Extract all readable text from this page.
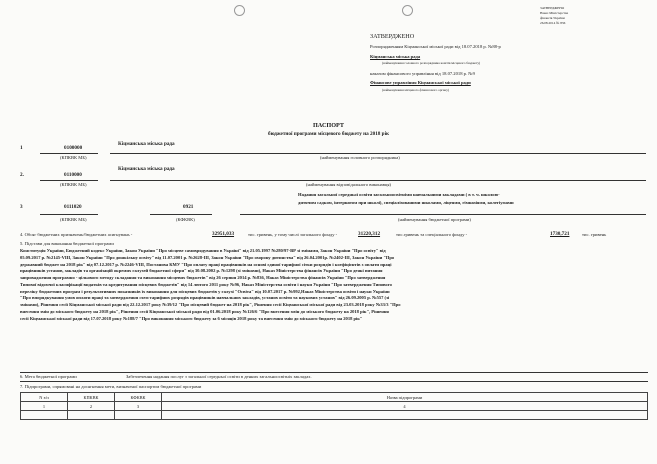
ЗАТВЕРДЖЕНО
Наказ Міністерства
фінансів України
26.08.2014 № 836
ЗАТВЕРДЖЕНО
Розпорядженням Кіцманської міської ради від 18.07.2018 р. №88-р
Кіцманська міська рада
(найменування головного розпорядника коштів місцевого бюджету)
наказом фінансового управління від 18.07.2018 р. №9
Фінансове управління Кіцманської міської ради
(найменування місцевого фінансового органу)
ПАСПОРТ
бюджетної програми місцевого бюджету на 2018 рік
1	0100000
Кіцманська міська рада
(КПКВК МБ)	(найменування головного розпорядника)
2.	0110000
Кіцманська міська рада
(КПКВК МБ)	(найменування відповідального виконавця)
3	0111020	0921
Надання загальної середньої освіти загальноосвітніми навчальними закладами ( в т. ч. школою-
дитячим садком, інтернатом при школі), спеціалізованими школами, ліцеями, гімназіями, колегіумами
(КПКВК МБ)	(КФКВК)	(найменування бюджетної програми)
4. Обсяг бюджетних призначень/бюджетних асигнувань -	32951,033	тис. гривень, у тому числі загального фонду -	31220,312	тис.гривень та спеціального фонду -	1730,721	тис. гривень
5. Підстави для виконання бюджетної програми
Конституція України, Бюджетний кодекс України, Закон України "Про місцеве самоврядування в Україні" від 21.05.1997 №280/97-ВР зі змінами, Закон України "Про освіту" від
05.09.2017 р. №2145-VIII, Закон України "Про дошкільну освіту" від 11.07.2001 р. №2628-III, Закон України "Про охорону дитинства" від 26.04.2001р. №2402-III, Закон України "Про
державний бюджет на 2018 рік" від 07.12.2017 р. №2246-VIII, Постанова КМУ "Про оплату праці працівників на основі єдиної тарифної сітки розрядів і коефіцієнтів з оплати праці
працівників установ, закладів та організацій окремих галузей бюджетної сфери" від 30.08.2002 р. №1298 (зі змінами), Наказ Міністерства фінансів України "Про деякі питання
запровадження програмно - цільового методу складання та виконання місцевих бюджетів" від 26 серпня 2014 р. №836, Наказ Міністерства фінансів України "Про затвердження
Типової відомчої класифікації видатків та кредитування місцевих бюджетів" від 14 лютого 2011 року №96, Наказ Міністерства освіти і науки України "Про затвердження Типового
переліку бюджетних програм і результативних показників їх виконання для місцевих бюджетів у галузі "Освіта" від 10.07.2017 р. №992,Наказ Міністерства освіти і науки України
"Про впорядкування умов оплати праці та затвердження схем тарифних розрядів працівників навчальних закладів, установ освіти та наукових установ" від 26.09.2005 р. №557 (зі
змінами), Рішення сесії Кіцманської міської ради від 22.12.2017 року №39/12 "Про місцевий бюджет на 2018 рік", Рішення сесії Кіцманської міської ради від 23.03.2018 року №33/3 "Про
внесення змін до міського бюджету на 2018 рік", Рішення сесії Кіцманської міської ради від 01.06.2018 року №126/6 "Про внесення змін до міського бюджету на 2018 рік", Рішення
сесії Кіцманської міської ради від 17.07.2018 року №188/7 "Про виконання міського бюджету за 6 місяців 2018 року та внесення змін до міського бюджету на 2018 рік"
6. Мета бюджетної програми	Забезпечення надання послуг з загальної середньої освіти в денних загальноосвітніх закладах.
7. Підпрограми, спрямовані на досягнення мети, визначеної паспортом бюджетної програми
N з/п	КПКВК	КФКВК	Назва підпрограми
1	2	3	4
